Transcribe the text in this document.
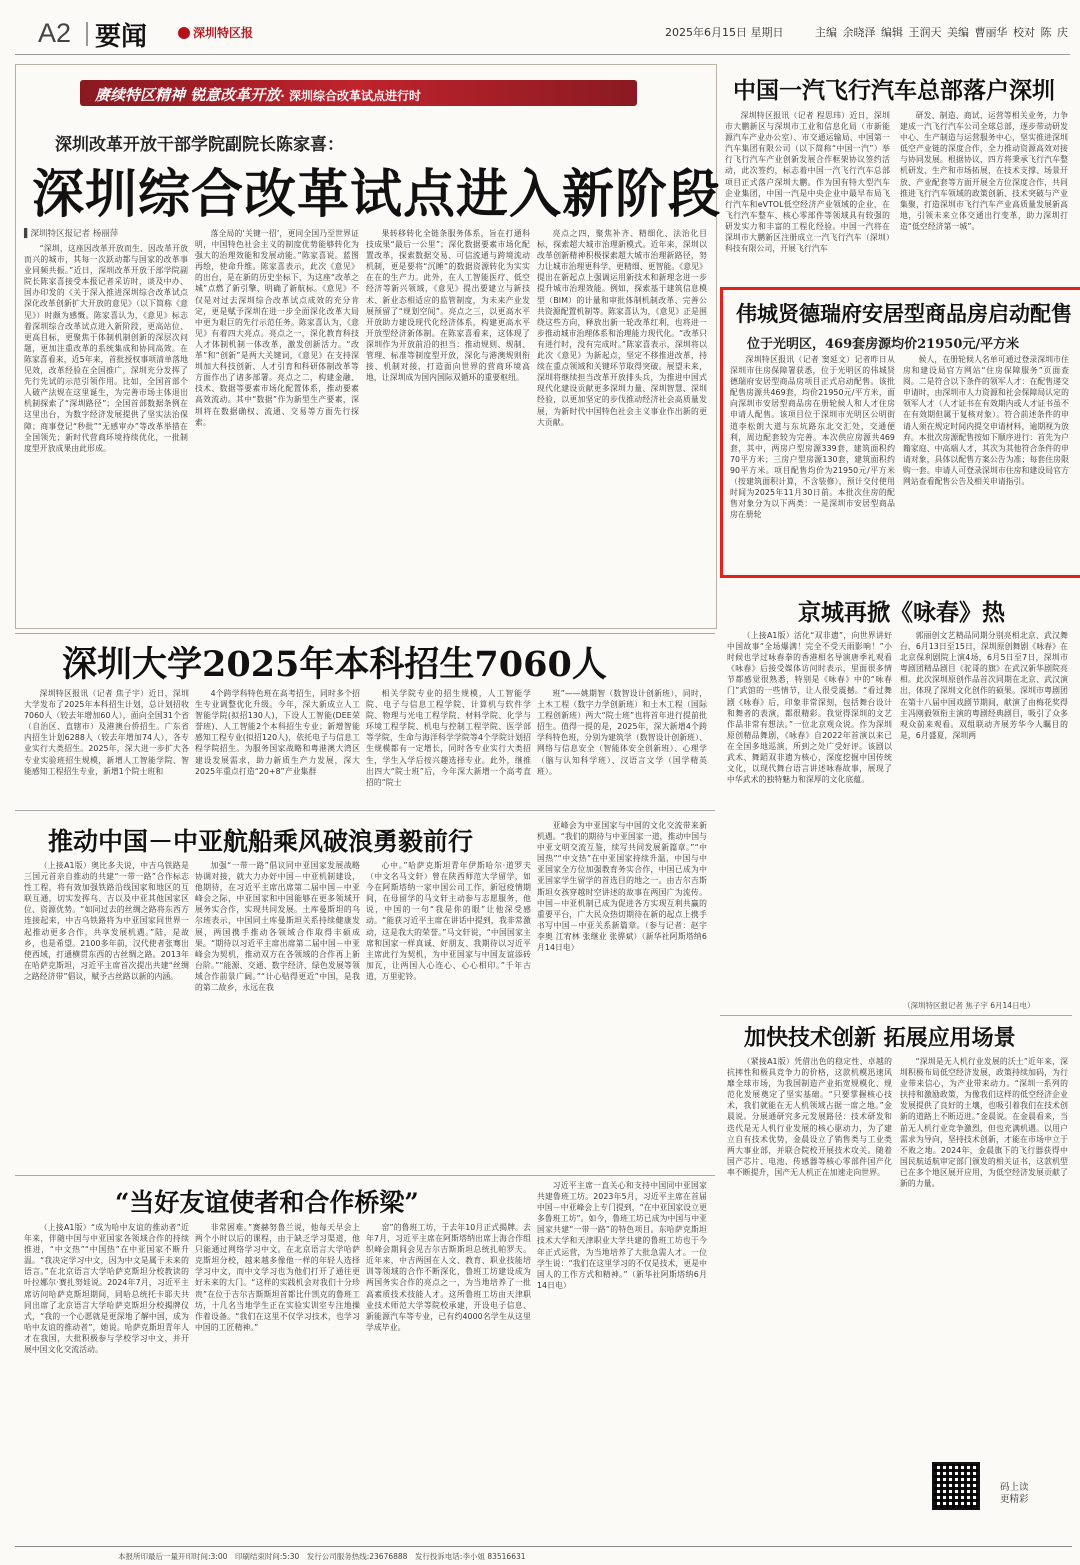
A2 要闻	深圳特区报	2025年6月15日 星期日	主编 余晓泽 编辑 王润天 美编 曹丽华 校对 陈 庆
赓续特区精神 锐意改革开放· 深圳综合改革试点进行时
深圳改革开放干部学院副院长陈家喜：
深圳综合改革试点进入新阶段
▌深圳特区报记者 杨丽萍

“深圳，这座因改革开放而生、因改革开放而兴的城市，其每一次跃动都与国家的改革事业同频共振。”近日，深圳改革开放干部学院副院长陈家喜接受本报记者采访时，谈及中办、国办印发的《关于深入推进深圳综合改革试点 深化改革创新扩大开放的意见》（以下简称《意见》）时颇为感慨。陈家喜认为，《意见》标志着深圳综合改革试点进入新阶段，更高站位、更高目标，更聚焦于体制机制创新的深层次问题，更加注重改革的系统集成和协同高效。在陈家喜看来，近5年来，首批授权事项清单落地见效，改革经验在全国推广，深圳充分发挥了先行先试的示范引领作用。比如，全国首部个人破产法规在这里诞生，为完善市场主体退出机制探索了“深圳路径”；全国首部数据条例在这里出台，为数字经济发展提供了坚实法治保障；商事登记“秒批”“无感审办”等改革举措在全国领先；新时代营商环境持续优化，一批制度型开放成果由此形成。

落全局的‘关键一招’，更同全国乃至世界证明，中国特色社会主义的制度优势能够转化为强大的治理效能和发展动能。”陈家喜说。蓝图再绘，使命升维。陈家喜表示，此次《意见》的出台，是在新的历史坐标下，为这座“改革之城”点燃了新引擎、明确了新航标。《意见》不仅是对过去深圳综合改革试点成效的充分肯定，更是赋予深圳在进一步全面深化改革大局中更为艰巨的先行示范任务。陈家喜认为，《意见》有着四大亮点。亮点之一，深化教育科技人才体制机制一体改革，激发创新活力。“改革”和“创新”是两大关键词，《意见》在支持深圳加大科技创新、人才引育和科研体制改革等方面作出了诸多部署。亮点之二，构建金融、技术、数据等要素市场化配置体系，推动要素高效流动。其中“数据”作为新型生产要素，深圳将在数据确权、流通、交易等方面先行探索。

果转移转化全链条服务体系，旨在打通科技成果“最后一公里”；深化数据要素市场化配置改革，探索数据交易、可信流通与跨境流动机制，更是要将“沉睡”的数据资源转化为实实在在的生产力。此外，在人工智能医疗、低空经济等新兴领域，《意见》提出要建立与新技术、新业态相适应的监管制度，为未来产业发展预留了“规划空间”。亮点之三，以更高水平开放助力建设现代化经济体系，构建更高水平开放型经济新体制。在陈家喜看来，这体现了深圳作为开放前沿的担当：推动规则、规制、管理、标准等制度型开放，深化与港澳规则衔接、机制对接，打造面向世界的营商环境高地，让深圳成为国内国际双循环的重要枢纽。

亮点之四，聚焦补齐、精细化、法治化目标，探索超大城市治理新模式。近年来，深圳以改革创新精神积极探索超大城市治理新路径，努力让城市治理更科学、更精细、更智能。《意见》提出在新起点上强调运用新技术和新理念进一步提升城市治理效能。例如，探索基于建筑信息模型（BIM）的计量和审批体制机制改革、完善公共资源配置机制等。陈家喜认为，《意见》正是围绕这些方向，释放出新一轮改革红利，也将进一步推动城市治理体系和治理能力现代化。“改革只有进行时，没有完成时。”陈家喜表示，深圳将以此次《意见》为新起点，坚定不移推进改革，持续在重点领域和关键环节取得突破。展望未来，深圳将继续担当改革开放排头兵，为推进中国式现代化建设贡献更多深圳力量、深圳智慧、深圳经验，以更加坚定的步伐推动经济社会高质量发展，为新时代中国特色社会主义事业作出新的更大贡献。

中国一汽飞行汽车总部落户深圳

深圳特区报讯（记者 程思玮）近日，深圳市大鹏新区与深圳市工业和信息化局（市新能源汽车产业办公室）、市交通运输局、中国第一汽车集团有限公司（以下简称“中国一汽”）举行飞行汽车产业创新发展合作框架协议签约活动，此次签约，标志着中国一汽飞行汽车总部项目正式落户深圳大鹏。作为国有特大型汽车企业集团，中国一汽是中央企业中最早布局飞行汽车和eVTOL低空经济产业领域的企业，在飞行汽车整车、核心零部件等领域具有较强的研发实力和丰富的工程化经验。中国一汽将在深圳市大鹏新区注册成立一汽飞行汽车（深圳）科技有限公司，开展飞行汽车

研发、制造、商试、运营等相关业务，力争建成一汽飞行汽车公司全球总部，逐步带动研发中心、生产制造与运营服务中心，坚实推进深圳低空产业链的深度合作，全力推动资源高效对接与协同发展。根据协议，四方将秉承飞行汽车整机研发、生产和市场拓展，在技术支撑、场景开放、产业配套等方面开展全方位深度合作，共同推进飞行汽车领域的政策创新、技术突破与产业集聚，打造深圳市飞行汽车产业高质量发展新高地，引领未来立体交通出行变革，助力深圳打造“低空经济第一城”。

伟城贤德瑞府安居型商品房启动配售
位于光明区，469套房源均价21950元/平方米

深圳特区报讯（记者 窦延文）记者昨日从深圳市住房保障署获悉，位于光明区的伟城贤德瑞府安居型商品房项目正式启动配售。该批配售房源共469套，均价21950元/平方米，面向深圳市安居型商品房在册轮候人和人才住房申请人配售。该项目位于深圳市光明区公明街道李松朗大道与东坑路东北交汇处，交通便利，周边配套较为完善。本次供应房源共469套，其中，两房户型房源339套，建筑面积约70平方米；三房户型房源130套，建筑面积约90平方米。项目配售均价为21950元/平方米（按建筑面积计算，不含装修），预计交付使用时间为2025年11月30日前。本批次住房的配售对象分为以下两类：一是深圳市安居型商品房在册轮

候人，在册轮候人名单可通过登录深圳市住房和建设局官方网站“住房保障服务”页面查阅。二是符合以下条件的领军人才：在配售递交申请时，由深圳市人力资源和社会保障局认定的领军人才（人才证书在有效期内或人才证书虽不在有效期但属于复核对象）。符合前述条件的申请人须在规定时间内提交申请材料，逾期视为放弃。本批次房源配售按如下顺序进行：首先为户籍家庭、中高端人才，其次为其他符合条件的申请对象，具体以配售方案公告为准；每套住房限购一套。申请人可登录深圳市住房和建设局官方网站查看配售公告及相关申请指引。

深圳大学2025年本科招生7060人

深圳特区报讯（记者 焦子宇）近日，深圳大学发布了2025年本科招生计划，总计划招收7060人（较去年增加60人），面向全国31个省（自治区、直辖市）及港澳台侨招生。广东省内招生计划6288人（较去年增加74人），各专业实行大类招生。2025年，深大进一步扩大各专业实验班招生规模，新增人工智能学院、智能感知工程招生专业，新增1个院士班和

4个跨学科特色班在高考招生，同时多个招生专业调整优化升级。今年，深大新成立人工智能学院(拟招130人)，下设人工智能(DEE荣誉班)、人工智能2个本科招生专业；新增智能感知工程专业(拟招120人)，依托电子与信息工程学院招生。为服务国家战略和粤港澳大湾区建设发展需求，助力新质生产力发展，深大2025年重点打造“20+8”产业集群

相关学院专业的招生规模，人工智能学院、电子与信息工程学院、计算机与软件学院、物理与光电工程学院、材料学院、化学与环境工程学院、机电与控制工程学院、医学部等学院，生命与海洋科学学院等4个学院计划招生规模都有一定增长，同时各专业实行大类招生，学生入学后按兴趣选择专业。此外，继推出四大“院士班”后，今年深大新增一个高考直招的“院士

班”——姚期智（数智设计创新班），同时，土木工程（数字力学创新班）和土木工程（国际工程创新班）两大“院士班”也将首年进行提前批招生。值得一提的是，2025年，深大新增4个跨学科特色班，分别为建筑学（数智设计创新班）、网络与信息安全（智能体安全创新班）、心理学（脑与认知科学班）、汉语言文学（国学精英班）。

推动中国－中亚航船乘风破浪勇毅前行

（上接A1版）奥比多夫说，中吉乌铁路是三国元首亲自推动的共建“一带一路”合作标志性工程，将有效加强铁路沿线国家和地区的互联互通，切实发挥乌、吉以及中亚其他国家区位、资源优势。“如同过去的丝绸之路将东西方连接起来，中吉乌铁路将为中亚国家同世界一起推动更多合作，共享发展机遇。”陆，是故乡，也是希望。2100多年前，汉代使者张骞出使西域，打通横贯东西的古丝绸之路。2013年在哈萨克斯坦，习近平主席首次提出共建“丝绸之路经济带”倡议，赋予古丝路以新的内涵。

加强“一带一路”倡议同中亚国家发展战略协调对接，就大力办好中国－中亚机制建设，他期待，在习近平主席出席第二届中国－中亚峰会之际，中亚国家和中国能够在更多领域开展务实合作，实现共同发展。土库曼斯坦的乌尔班表示，中国同土库曼斯坦关系持续健康发展，两国携手推动各领域合作取得丰硕成果。“期待以习近平主席出席第二届中国－中亚峰会为契机，推动双方在各领域的合作再上新台阶。”“能源、交通、数字经济、绿色发展等领域合作前景广阔。”“计心贴得更近”中国，是我的第二故乡，永远在我

心中。”哈萨克斯坦青年伊斯哈尔·道罗夫（中文名马文轩）曾在陕西师范大学留学，如今在阿斯塔纳一家中国公司工作，新冠疫情期间，在母留学的马文轩主动参与志愿服务，他说，中国的一句“我是你的眼”让他深受感动。“能获习近平主席在讲话中提到，我非常激动，这是我大的荣誉。”马文轩说，“中国国家主席和国家一样真诚、好朋友、我期待以习近平主席此行为契机，为中亚国家与中国友谊添砖加瓦，让两国人心连心、心心相印。”千年古道，万里驼铃。

亚峰会为中亚国家与中国的文化交流带来新机遇。“我们的期待与中亚国家一道，推动中国与中亚文明交流互鉴，续写共同发展新篇章。”“中国热”“中文热”在中亚国家持续升温，中国与中亚国家全方位加强教育务实合作，中国已成为中亚国家学生留学的首选目的地之一。由吉尔吉斯斯坦女孩穿越时空讲述的故事在两国广为流传。中国－中亚机制已成为促进各方实现互利共赢的重要平台，广大民众热切期待在新的起点上携手书写中国－中亚关系新篇章。（参与记者：赵宇 李奥 江宥林 张继业 张骅斌）（新华社阿斯塔纳6月14日电）

“当好友谊使者和合作桥梁”

（上接A1版）“成为哈中友谊的推动者”近年来，伴随中国与中亚国家各领域合作的持续推进，“中文热”“中国热”在中亚国家不断升温。“我决定学习中文，因为中文是属于未来的语言。”在北京语言大学哈萨克斯坦分校教读的叶拉娜尔·赛扎努娃说。2024年7月，习近平主席访问哈萨克斯坦期间，同哈总统托卡耶夫共同出席了北京语言大学哈萨克斯坦分校揭牌仪式，“我的一个心愿就是更深地了解中国，成为哈中友谊的推动者”，她说。哈萨克斯坦青年人才在我国，大批积极参与学校学习中文，并开展中国文化交流活动。

非常困难。”赛赫努鲁兰说，他每天早会上两个小时以后的课程，由于缺乏学习渠道，他只能通过网络学习中文。在北京语言大学哈萨克斯坦分校，越来越多像他一样的年轻人选择学习中文，而中文学习也为他们打开了通往更好未来的大门。“这样的实践机会对我们十分珍贵”在位于吉尔吉斯斯坦首都比什凯克的鲁班工坊，十几名当地学生正在实验实训室专注地操作着设备。“我们在这里不仅学习技术，也学习中国的工匠精神。”

窑”的鲁班工坊，于去年10月正式揭牌。去年7月，习近平主席在阿斯塔纳出席上海合作组织峰会期间会见吉尔吉斯斯坦总统扎帕罗夫。近年来，中吉两国在人文、教育、职业技能培训等领域的合作不断深化，鲁班工坊建设成为两国务实合作的亮点之一，为当地培养了一批高素质技术技能人才。这所鲁班工坊由天津职业技术师范大学等院校承建，开设电子信息、新能源汽车等专业，已有约4000名学生从这里学成毕业。

习近平主席一直关心和支持中国同中亚国家共建鲁班工坊。2023年5月，习近平主席在首届中国－中亚峰会上专门提到，“在中亚国家设立更多鲁班工坊”。如今，鲁班工坊已成为中国与中亚国家共建“一带一路”的特色项目。东哈萨克斯坦技术大学和天津职业大学共建的鲁班工坊也于今年正式运营，为当地培养了大批急需人才。一位学生说：“我们在这里学习的不仅是技术，更是中国人的工作方式和精神。”（新华社阿斯塔纳6月14日电）

京城再掀《咏春》热

（上接A1版）活化“双非遗”，向世界讲好中国故事“全场爆满！完全不受天雨影响！”小时候也学过咏春拳的香港相名导演唐季礼观看《咏春》后接受媒体访问时表示，里面很多情节都感觉很熟悉，特别是《咏春》中的“咏春门”武馆的一些情节，让人很受震撼。“看过舞剧《咏春》后，印象非常深刻，包括舞台设计和舞者的表演，都很精彩。我觉得深圳的文艺作品非常有想法。”一位北京观众说。作为深圳原创精品舞剧，《咏春》自2022年首演以来已在全国多地巡演，所到之处广受好评。该剧以武术、舞蹈双非遗为核心，深度挖掘中国传统文化，以现代舞台语言讲述咏春故事，展现了中华武术的独特魅力和深厚的文化底蕴。

郭丽创文艺精品同期分别亮相北京、武汉舞台，6月13日至15日，深圳原创舞剧《咏春》在北京保利剧院上演4场，6月5日至7日，深圳市粤剧团精品剧目《驼哥的旗》在武汉新华剧院亮相。此次深圳原创作品首次同期在北京、武汉演出，体现了深圳文化创作的硕果。深圳市粤剧团在第十八届中国戏剧节期间，献演了由梅花奖得主冯刚毅领衔主演的粤剧经典剧目，吸引了众多观众前来观看。双组联动齐展芳华今人瞩目的是，6月盛夏，深圳两

（深圳特区报记者 焦子宇 6月14日电）
加快技术创新 拓展应用场景

（紧接A1版）凭借出色的稳定性、卓越的抗摔性和极具竞争力的价格，这款机模迅速风靡全球市场，为我国制造产业拓宽规模化、规范化发展奠定了坚实基础。“只要掌握核心技术，我们就能在无人机领域占据一席之地。”金晨说。分展通研究多元发展路径：技术研发和迭代是无人机行业发展的核心驱动力，为了建立自有技术优势，金晨设立了销售类与工业类两大事业部，并联合院校开展技术攻关。随着国产芯片、电池、传感器等核心零部件国产化率不断提升，国产无人机正在加速走向世界。

“深圳是无人机行业发展的沃土”近年来，深圳积极布局低空经济发展，政策持续加码，为行业带来信心，为产业带来动力。“深圳一系列的扶持和激励政策，为像我们这样的低空经济企业发展提供了良好的土壤，也吸引着我们在技术创新的道路上不断迈进。”金晨说。在金晨看来，当前无人机行业竞争激烈，但也充满机遇。以用户需求为导向，坚持技术创新，才能在市场中立于不败之地。2024年，金晨旗下的飞行器获得中国民航适航审定部门颁发的相关证书，这款机型已在多个地区展开应用，为低空经济发展贡献了新的力量。

码上读 更精彩
本报所印最后一量开印时间:3:00　印刷结束时间:5:30　发行公司服务热线:23676888　发行投诉电话:李小姐 83516631
